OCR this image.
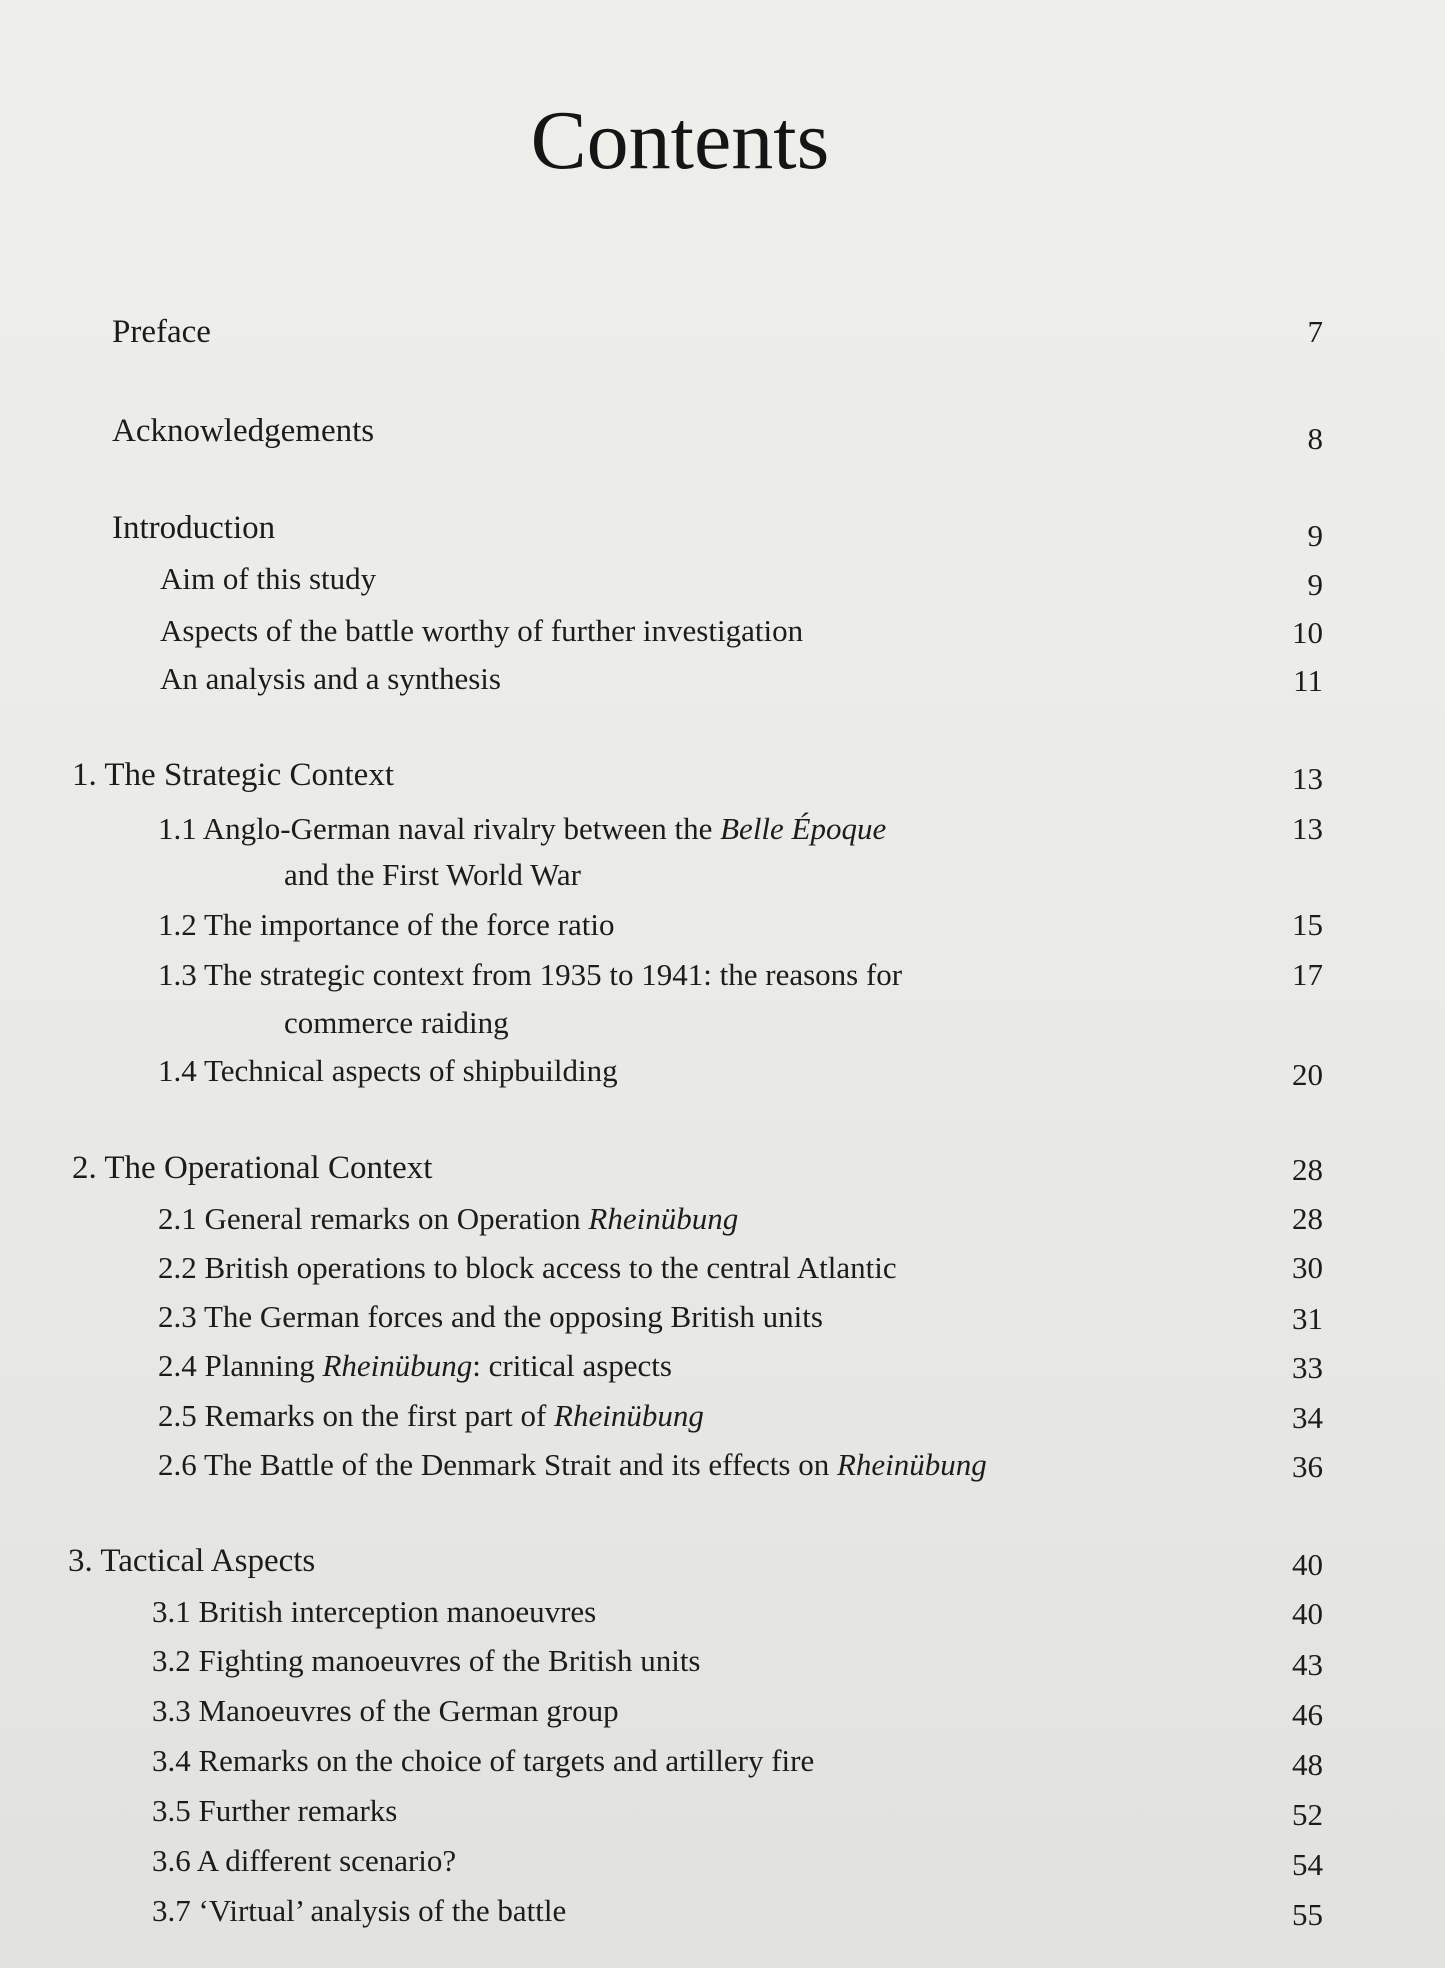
Contents
Preface	7
Acknowledgements	8
Introduction	9
Aim of this study	9
Aspects of the battle worthy of further investigation	10
An analysis and a synthesis	11
1. The Strategic Context	13
1.1 Anglo-German naval rivalry between the Belle Époque	13
and the First World War
1.2 The importance of the force ratio	15
1.3 The strategic context from 1935 to 1941: the reasons for	17
commerce raiding
1.4 Technical aspects of shipbuilding	20
2. The Operational Context	28
2.1 General remarks on Operation Rheinübung	28
2.2 British operations to block access to the central Atlantic	30
2.3 The German forces and the opposing British units	31
2.4 Planning Rheinübung: critical aspects	33
2.5 Remarks on the first part of Rheinübung	34
2.6 The Battle of the Denmark Strait and its effects on Rheinübung	36
3. Tactical Aspects	40
3.1 British interception manoeuvres	40
3.2 Fighting manoeuvres of the British units	43
3.3 Manoeuvres of the German group	46
3.4 Remarks on the choice of targets and artillery fire	48
3.5 Further remarks	52
3.6 A different scenario?	54
3.7 ‘Virtual’ analysis of the battle	55
